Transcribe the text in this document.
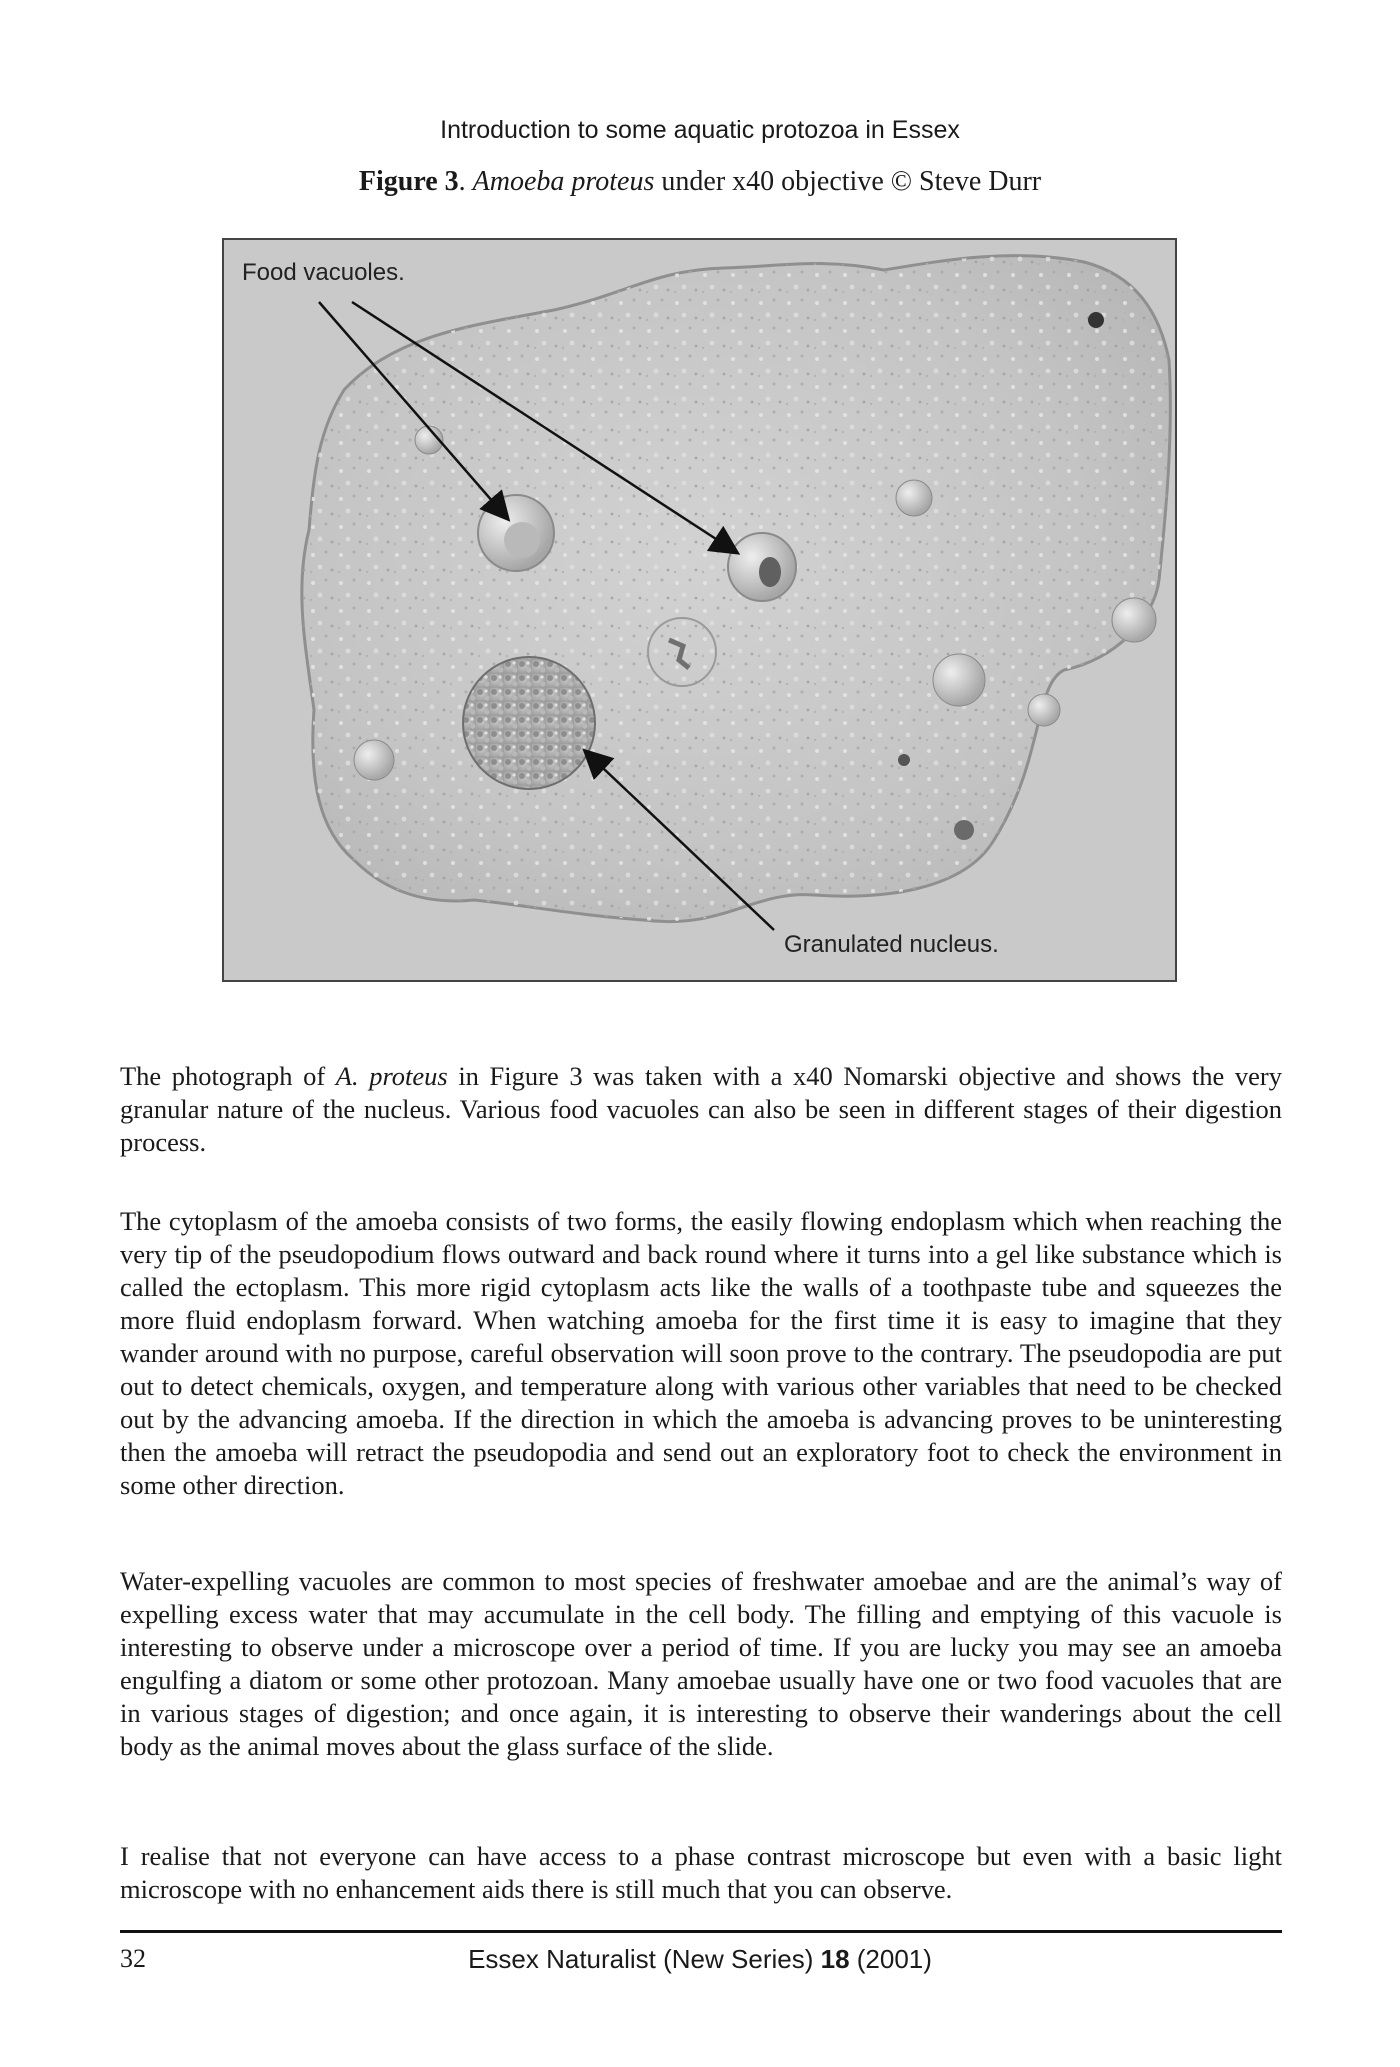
Introduction to some aquatic protozoa in Essex
Figure 3. Amoeba proteus under x40 objective © Steve Durr
Food vacuoles.
Granulated nucleus.
The photograph of A. proteus in Figure 3 was taken with a x40 Nomarski objective and shows the very granular nature of the nucleus. Various food vacuoles can also be seen in different stages of their digestion process.
The cytoplasm of the amoeba consists of two forms, the easily flowing endoplasm which when reaching the very tip of the pseudopodium flows outward and back round where it turns into a gel like substance which is called the ectoplasm. This more rigid cytoplasm acts like the walls of a toothpaste tube and squeezes the more fluid endoplasm forward. When watching amoeba for the first time it is easy to imagine that they wander around with no purpose, careful observation will soon prove to the contrary. The pseudopodia are put out to detect chemicals, oxygen, and temperature along with various other variables that need to be checked out by the advancing amoeba. If the direction in which the amoeba is advancing proves to be uninteresting then the amoeba will retract the pseudopodia and send out an exploratory foot to check the environment in some other direction.
Water-expelling vacuoles are common to most species of freshwater amoebae and are the animal’s way of expelling excess water that may accumulate in the cell body. The filling and emptying of this vacuole is interesting to observe under a microscope over a period of time. If you are lucky you may see an amoeba engulfing a diatom or some other protozoan. Many amoebae usually have one or two food vacuoles that are in various stages of digestion; and once again, it is interesting to observe their wanderings about the cell body as the animal moves about the glass surface of the slide.
I realise that not everyone can have access to a phase contrast microscope but even with a basic light microscope with no enhancement aids there is still much that you can observe.
32	Essex Naturalist (New Series) 18 (2001)
